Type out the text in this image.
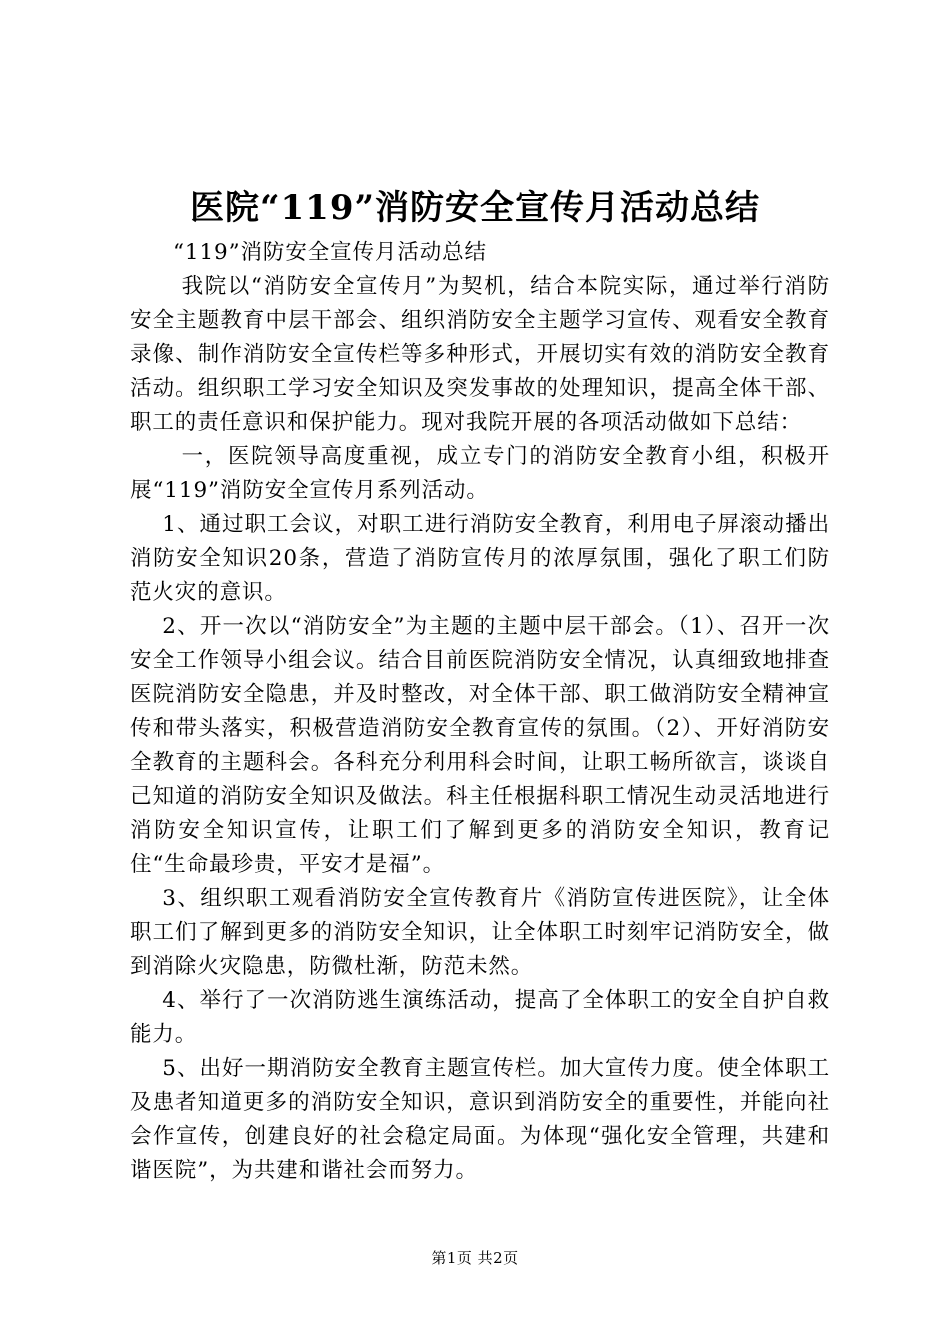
医院“119”消防安全宣传月活动总结

“119”消防安全宣传月活动总结

我院以“消防安全宣传月”为契机，结合本院实际，通过举行消防安全主题教育中层干部会、组织消防安全主题学习宣传、观看安全教育录像、制作消防安全宣传栏等多种形式，开展切实有效的消防安全教育活动。组织职工学习安全知识及突发事故的处理知识，提高全体干部、职工的责任意识和保护能力。现对我院开展的各项活动做如下总结：

一，医院领导高度重视，成立专门的消防安全教育小组，积极开展“119”消防安全宣传月系列活动。

1、通过职工会议，对职工进行消防安全教育，利用电子屏滚动播出消防安全知识20条，营造了消防宣传月的浓厚氛围，强化了职工们防范火灾的意识。

2、开一次以“消防安全”为主题的主题中层干部会。（1）、召开一次安全工作领导小组会议。结合目前医院消防安全情况，认真细致地排查医院消防安全隐患，并及时整改，对全体干部、职工做消防安全精神宣传和带头落实，积极营造消防安全教育宣传的氛围。（2）、开好消防安全教育的主题科会。各科充分利用科会时间，让职工畅所欲言，谈谈自己知道的消防安全知识及做法。科主任根据科职工情况生动灵活地进行消防安全知识宣传，让职工们了解到更多的消防安全知识，教育记住“生命最珍贵，平安才是福”。

3、组织职工观看消防安全宣传教育片《消防宣传进医院》，让全体职工们了解到更多的消防安全知识，让全体职工时刻牢记消防安全，做到消除火灾隐患，防微杜渐，防范未然。

4、举行了一次消防逃生演练活动，提高了全体职工的安全自护自救能力。

5、出好一期消防安全教育主题宣传栏。加大宣传力度。使全体职工及患者知道更多的消防安全知识，意识到消防安全的重要性，并能向社会作宣传，创建良好的社会稳定局面。为体现“强化安全管理，共建和谐医院”，为共建和谐社会而努力。

第1页 共2页
